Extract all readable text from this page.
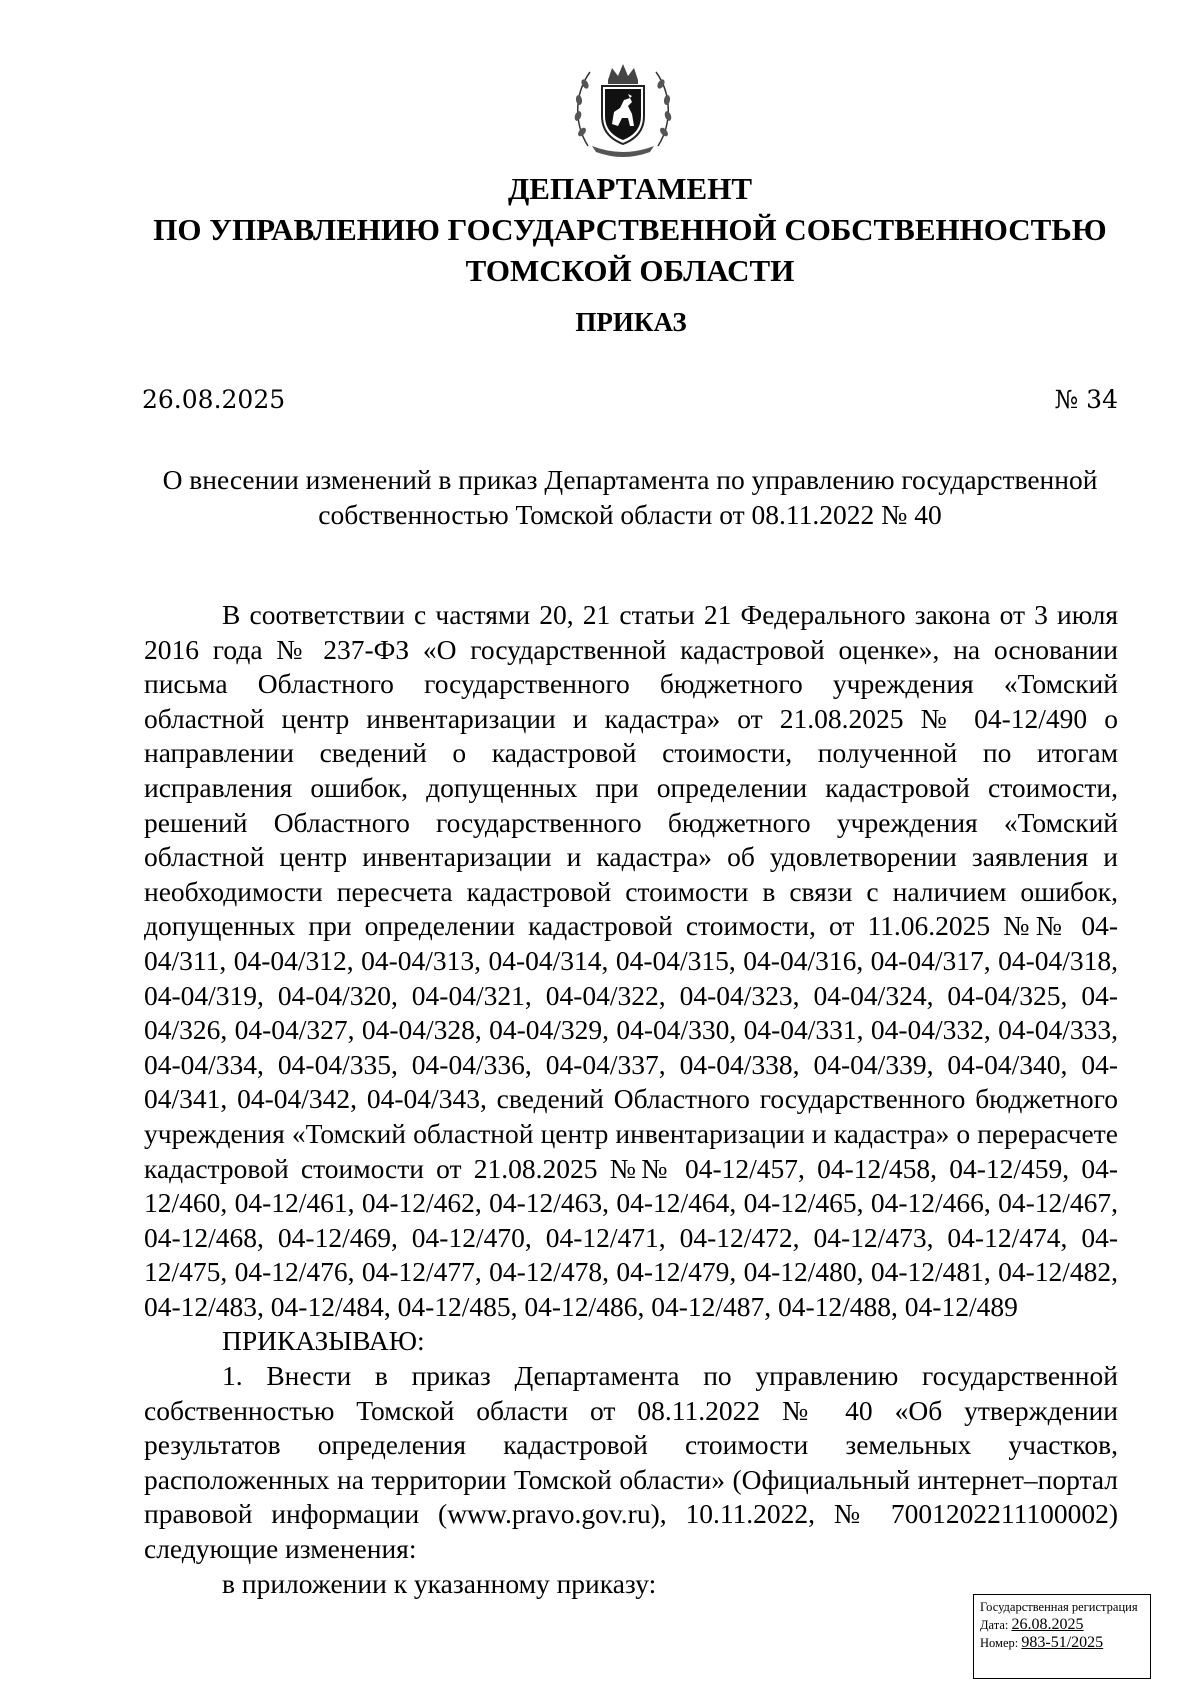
ДЕПАРТАМЕНТ
ПО УПРАВЛЕНИЮ ГОСУДАРСТВЕННОЙ СОБСТВЕННОСТЬЮ
ТОМСКОЙ ОБЛАСТИ
ПРИКАЗ
26.08.2025	№ 34
О внесении изменений в приказ Департамента по управлению государственной
собственностью Томской области от 08.11.2022 № 40

В соответствии с частями 20, 21 статьи 21 Федерального закона от 3 июля 2016 года № 237-ФЗ «О государственной кадастровой оценке», на основании письма Областного государственного бюджетного учреждения «Томский областной центр инвентаризации и кадастра» от 21.08.2025 № 04-12/490 о направлении сведений о кадастровой стоимости, полученной по итогам исправления ошибок, допущенных при определении кадастровой стоимости, решений Областного государственного бюджетного учреждения «Томский областной центр инвентаризации и кадастра» об удовлетворении заявления и необходимости пересчета кадастровой стоимости в связи с наличием ошибок, допущенных при определении кадастровой стоимости, от 11.06.2025 №№ 04-04/311, 04-04/312, 04-04/313, 04-04/314, 04-04/315, 04-04/316, 04-04/317, 04-04/318, 04-04/319, 04-04/320, 04-04/321, 04-04/322, 04-04/323, 04-04/324, 04-04/325, 04-04/326, 04-04/327, 04-04/328, 04-04/329, 04-04/330, 04-04/331, 04-04/332, 04-04/333, 04-04/334, 04-04/335, 04-04/336, 04-04/337, 04-04/338, 04-04/339, 04-04/340, 04-04/341, 04-04/342, 04-04/343, сведений Областного государственного бюджетного учреждения «Томский областной центр инвентаризации и кадастра» о перерасчете кадастровой стоимости от 21.08.2025 №№ 04-12/457, 04-12/458, 04-12/459, 04-12/460, 04-12/461, 04-12/462, 04-12/463, 04-12/464, 04-12/465, 04-12/466, 04-12/467, 04-12/468, 04-12/469, 04-12/470, 04-12/471, 04-12/472, 04-12/473, 04-12/474, 04-12/475, 04-12/476, 04-12/477, 04-12/478, 04-12/479, 04-12/480, 04-12/481, 04-12/482, 04-12/483, 04-12/484, 04-12/485, 04-12/486, 04-12/487, 04-12/488, 04-12/489

ПРИКАЗЫВАЮ:

1. Внести в приказ Департамента по управлению государственной собственностью Томской области от 08.11.2022 № 40 «Об утверждении результатов определения кадастровой стоимости земельных участков, расположенных на территории Томской области» (Официальный интернет–портал правовой информации (www.pravo.gov.ru), 10.11.2022, № 7001202211100002) следующие изменения:

в приложении к указанному приказу:

Государственная регистрация
Дата: 26.08.2025
Номер: 983-51/2025
